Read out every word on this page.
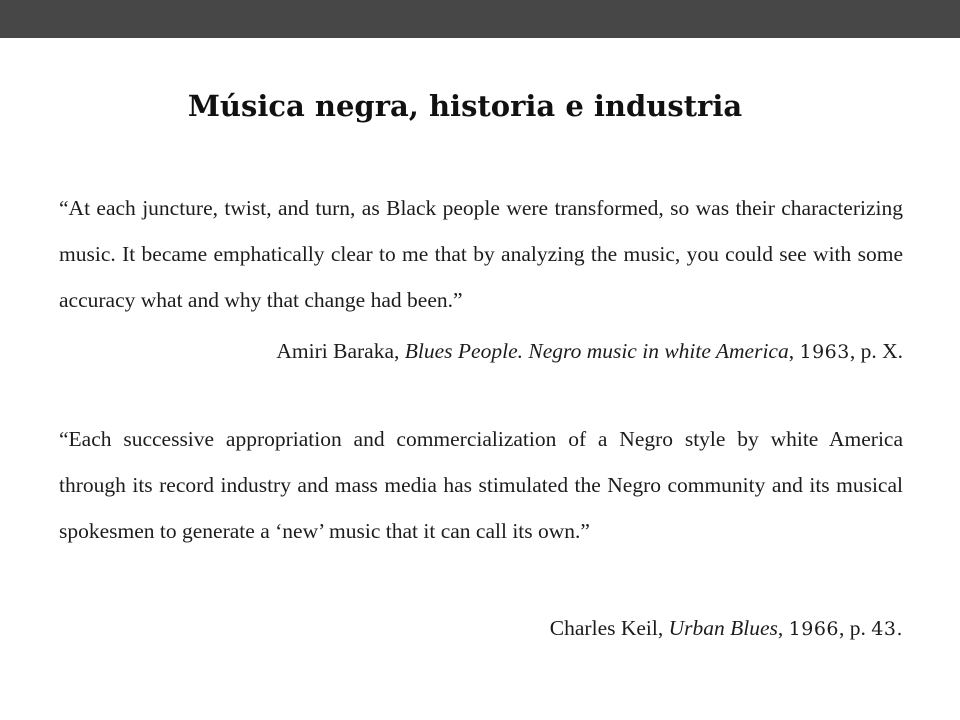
Música negra, historia e industria

“At each juncture, twist, and turn, as Black people were transformed, so was their characterizing music. It became emphatically clear to me that by analyzing the music, you could see with some accuracy what and why that change had been.”

Amiri Baraka, Blues People. Negro music in white America, 1963, p. X.

“Each successive appropriation and commercialization of a Negro style by white America through its record industry and mass media has stimulated the Negro community and its musical spokesmen to generate a ‘new’ music that it can call its own.”

Charles Keil, Urban Blues, 1966, p. 43.
